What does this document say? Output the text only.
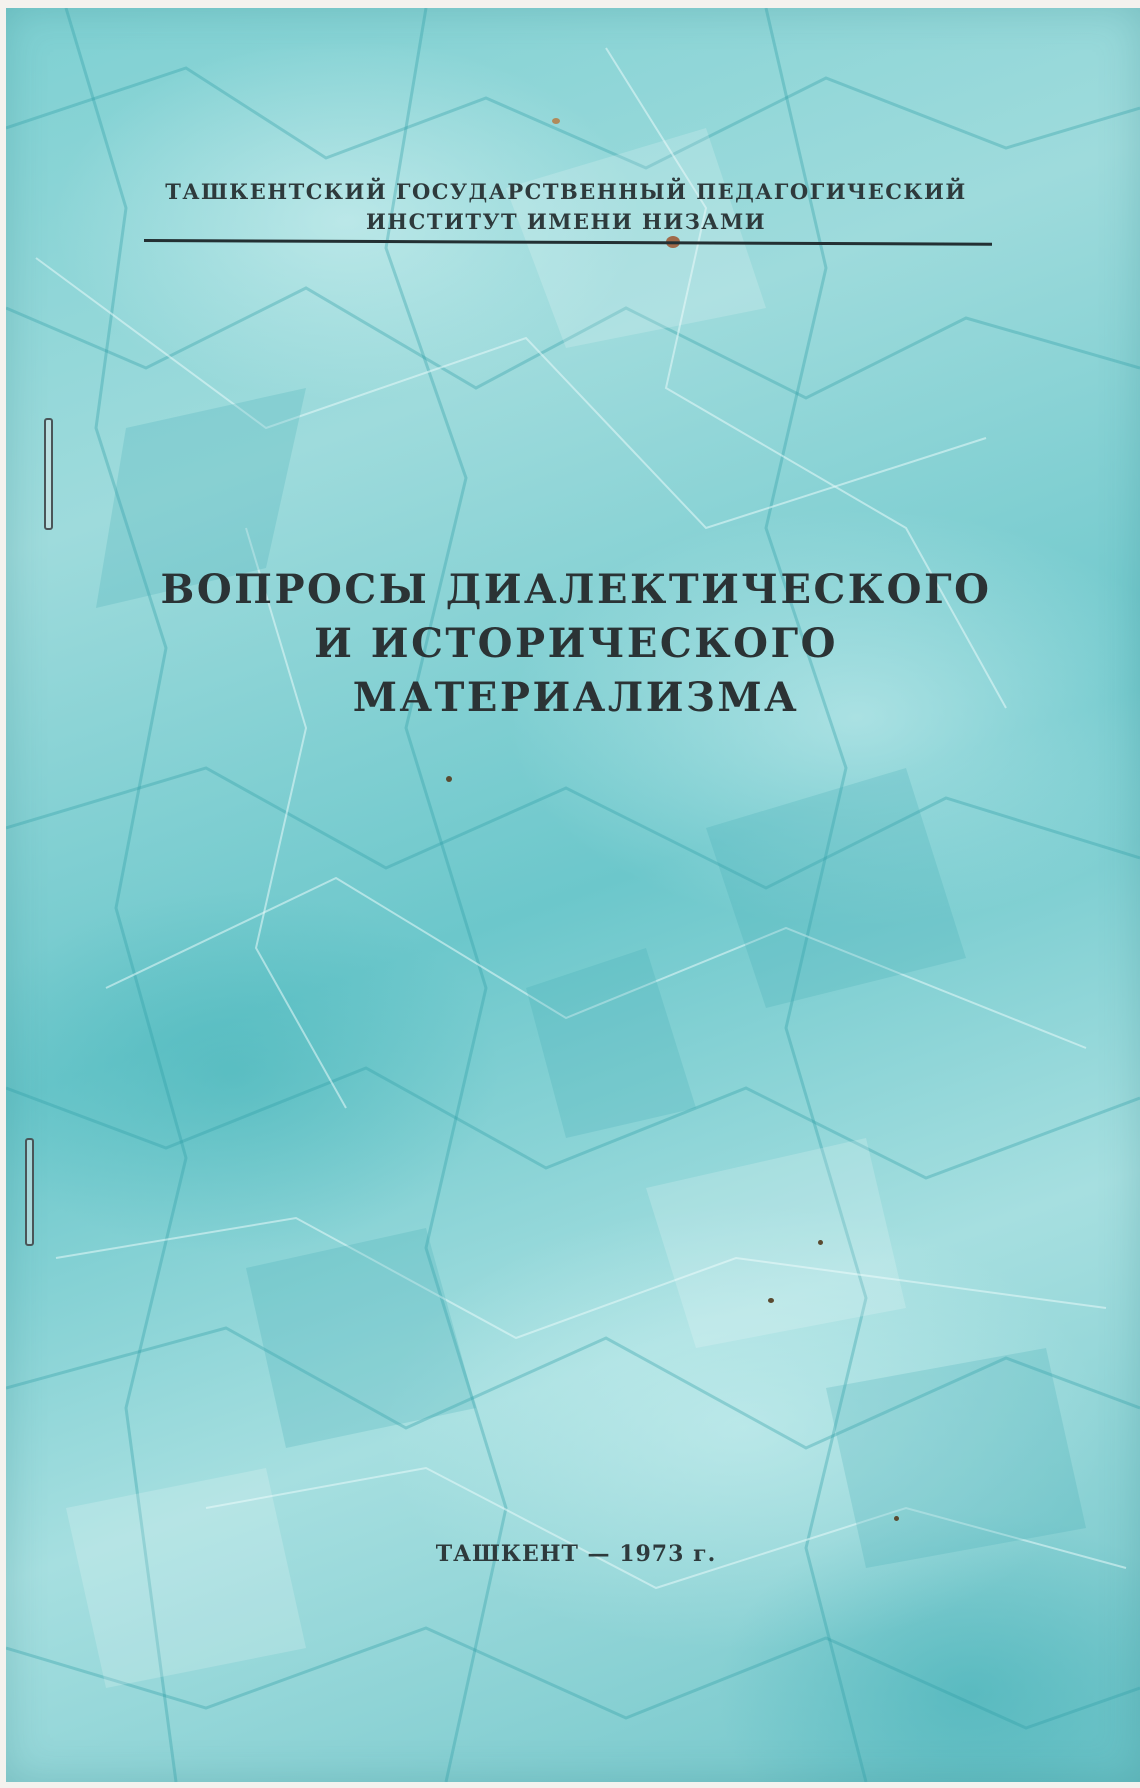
ТАШКЕНТСКИЙ ГОСУДАРСТВЕННЫЙ ПЕДАГОГИЧЕСКИЙ
ИНСТИТУТ ИМЕНИ НИЗАМИ
ВОПРОСЫ ДИАЛЕКТИЧЕСКОГО
И ИСТОРИЧЕСКОГО
МАТЕРИАЛИЗМА
ТАШКЕНТ — 1973 г.
